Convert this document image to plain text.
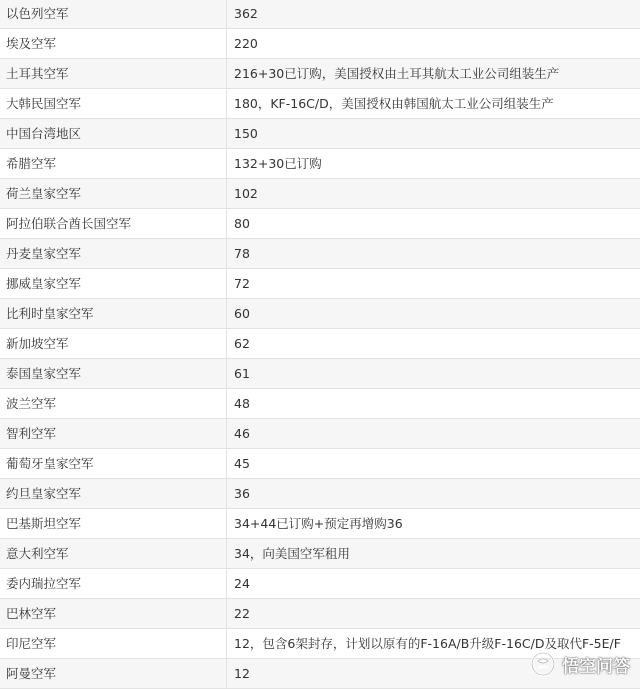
以色列空军	362
埃及空军	220
土耳其空军	216+30已订购，美国授权由土耳其航太工业公司组装生产
大韩民国空军	180，KF-16C/D，美国授权由韩国航太工业公司组装生产
中国台湾地区	150
希腊空军	132+30已订购
荷兰皇家空军	102
阿拉伯联合酋长国空军	80
丹麦皇家空军	78
挪威皇家空军	72
比利时皇家空军	60
新加坡空军	62
泰国皇家空军	61
波兰空军	48
智利空军	46
葡萄牙皇家空军	45
约旦皇家空军	36
巴基斯坦空军	34+44已订购+预定再增购36
意大利空军	34，向美国空军租用
委内瑞拉空军	24
巴林空军	22
印尼空军	12，包含6架封存，计划以原有的F-16A/B升级F-16C/D及取代F-5E/F
阿曼空军	12	悟空问答
